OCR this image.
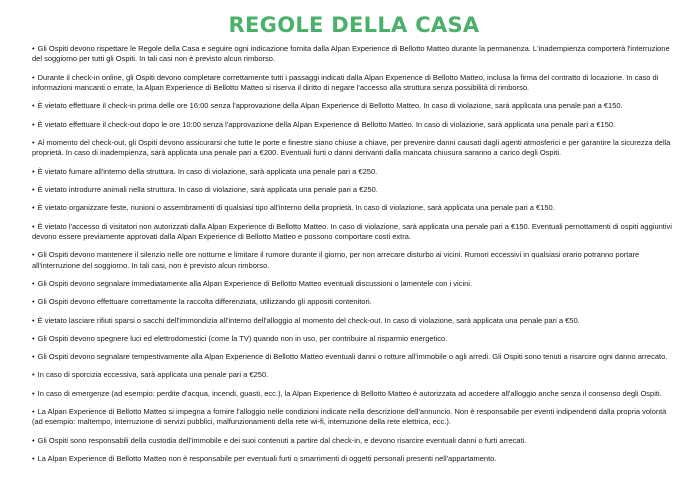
REGOLE DELLA CASA
• Gli Ospiti devono rispettare le Regole della Casa e seguire ogni indicazione fornita dalla Alpan Experience di Bellotto Matteo durante la permanenza. L'inadempienza comporterà l'interruzione del soggiorno per tutti gli Ospiti. In tali casi non è previsto alcun rimborso.
• Durante il check-in online, gli Ospiti devono completare correttamente tutti i passaggi indicati dalla Alpan Experience di Bellotto Matteo, inclusa la firma del contratto di locazione. In caso di informazioni mancanti o errate, la Alpan Experience di Bellotto Matteo si riserva il diritto di negare l'accesso alla struttura senza possibilità di rimborso.
• È vietato effettuare il check-in prima delle ore 16:00 senza l'approvazione della Alpan Experience di Bellotto Matteo. In caso di violazione, sarà applicata una penale pari a €150.
• È vietato effettuare il check-out dopo le ore 10:00 senza l'approvazione della Alpan Experience di Bellotto Matteo. In caso di violazione, sarà applicata una penale pari a €150.
• Al momento del check-out, gli Ospiti devono assicurarsi che tutte le porte e finestre siano chiuse a chiave, per prevenire danni causati dagli agenti atmosferici e per garantire la sicurezza della proprietà. In caso di inadempienza, sarà applicata una penale pari a €200. Eventuali furti o danni derivanti dalla mancata chiusura saranno a carico degli Ospiti.
• È vietato fumare all'interno della struttura. In caso di violazione, sarà applicata una penale pari a €250.
• È vietato introdurre animali nella struttura. In caso di violazione, sarà applicata una penale pari a €250.
• È vietato organizzare feste, riunioni o assembramenti di qualsiasi tipo all'interno della proprietà. In caso di violazione, sarà applicata una penale pari a €150.
• È vietato l'accesso di visitatori non autorizzati dalla Alpan Experience di Bellotto Matteo. In caso di violazione, sarà applicata una penale pari a €150. Eventuali pernottamenti di ospiti aggiuntivi devono essere previamente approvati dalla Alpan Experience di Bellotto Matteo e possono comportare costi extra.
• Gli Ospiti devono mantenere il silenzio nelle ore notturne e limitare il rumore durante il giorno, per non arrecare disturbo ai vicini. Rumori eccessivi in qualsiasi orario potranno portare all'interruzione del soggiorno. In tali casi, non è previsto alcun rimborso.
• Gli Ospiti devono segnalare immediatamente alla Alpan Experience di Bellotto Matteo eventuali discussioni o lamentele con i vicini.
• Gli Ospiti devono effettuare correttamente la raccolta differenziata, utilizzando gli appositi contenitori.
• È vietato lasciare rifiuti sparsi o sacchi dell'immondizia all'interno dell'alloggio al momento del check-out. In caso di violazione, sarà applicata una penale pari a €50.
• Gli Ospiti devono spegnere luci ed elettrodomestici (come la TV) quando non in uso, per contribuire al risparmio energetico.
• Gli Ospiti devono segnalare tempestivamente alla Alpan Experience di Bellotto Matteo eventuali danni o rotture all'immobile o agli arredi. Gli Ospiti sono tenuti a risarcire ogni danno arrecato.
• In caso di sporcizia eccessiva, sarà applicata una penale pari a €250.
• In caso di emergenze (ad esempio: perdite d'acqua, incendi, guasti, ecc.), la Alpan Experience di Bellotto Matteo è autorizzata ad accedere all'alloggio anche senza il consenso degli Ospiti.
• La Alpan Experience di Bellotto Matteo si impegna a fornire l'alloggio nelle condizioni indicate nella descrizione dell'annuncio. Non è responsabile per eventi indipendenti dalla propria volontà (ad esempio: maltempo, interruzione di servizi pubblici, malfunzionamenti della rete wi-fi, interruzione della rete elettrica, ecc.).
• Gli Ospiti sono responsabili della custodia dell'immobile e dei suoi contenuti a partire dal check-in, e devono risarcire eventuali danni o furti arrecati.
• La Alpan Experience di Bellotto Matteo non è responsabile per eventuali furti o smarrimenti di oggetti personali presenti nell'appartamento.
